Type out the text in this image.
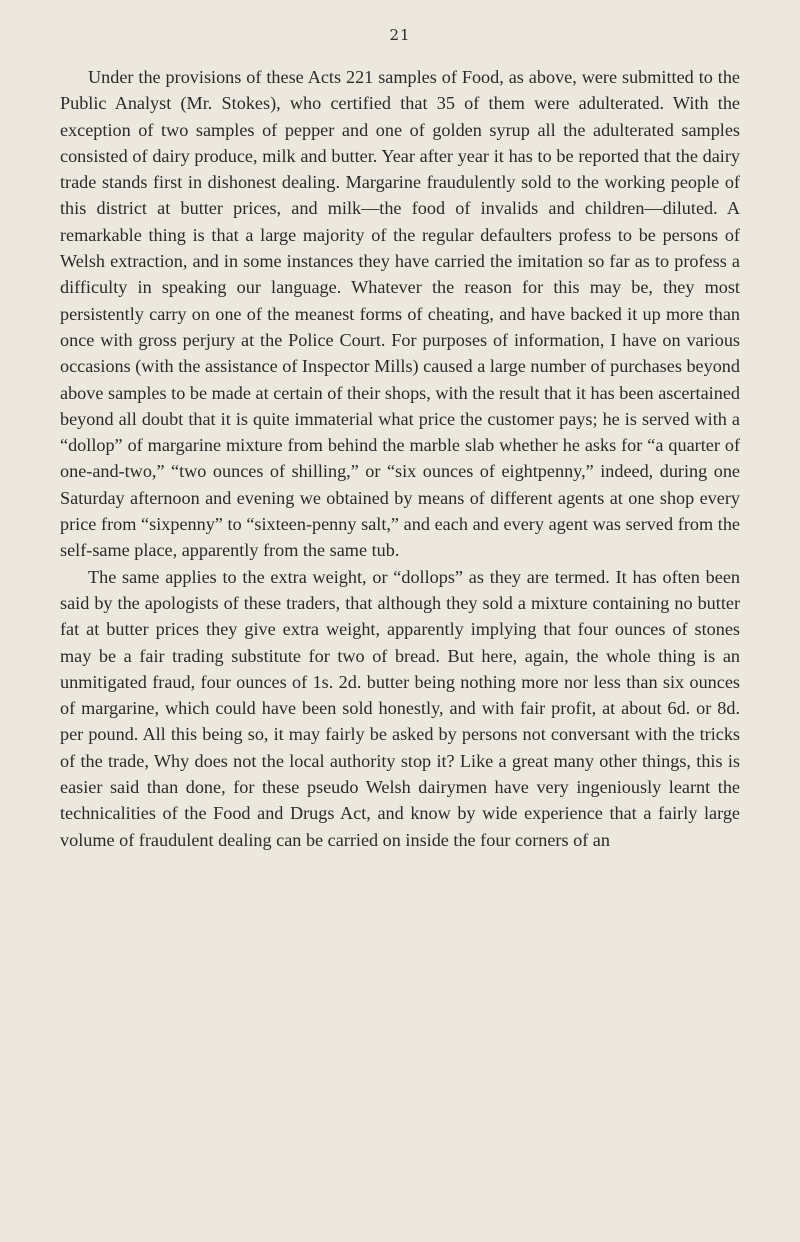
21

Under the provisions of these Acts 221 samples of Food, as above, were submitted to the Public Analyst (Mr. Stokes), who certified that 35 of them were adulterated. With the exception of two samples of pepper and one of golden syrup all the adulterated samples consisted of dairy produce, milk and butter. Year after year it has to be reported that the dairy trade stands first in dishonest dealing. Margarine fraudulently sold to the working people of this district at butter prices, and milk—the food of invalids and children—diluted. A remarkable thing is that a large majority of the regular defaulters profess to be persons of Welsh extraction, and in some instances they have carried the imitation so far as to profess a difficulty in speaking our language. Whatever the reason for this may be, they most persistently carry on one of the meanest forms of cheating, and have backed it up more than once with gross perjury at the Police Court. For purposes of information, I have on various occasions (with the assistance of Inspector Mills) caused a large number of purchases beyond above samples to be made at certain of their shops, with the result that it has been ascertained beyond all doubt that it is quite immaterial what price the customer pays; he is served with a “dollop” of margarine mixture from behind the marble slab whether he asks for “a quarter of one-and-two,” “two ounces of shilling,” or “six ounces of eightpenny,” indeed, during one Saturday afternoon and evening we obtained by means of different agents at one shop every price from “sixpenny” to “sixteen-penny salt,” and each and every agent was served from the self-same place, apparently from the same tub.

The same applies to the extra weight, or “dollops” as they are termed. It has often been said by the apologists of these traders, that although they sold a mixture containing no butter fat at butter prices they give extra weight, apparently implying that four ounces of stones may be a fair trading substitute for two of bread. But here, again, the whole thing is an unmitigated fraud, four ounces of 1s. 2d. butter being nothing more nor less than six ounces of margarine, which could have been sold honestly, and with fair profit, at about 6d. or 8d. per pound. All this being so, it may fairly be asked by persons not conversant with the tricks of the trade, Why does not the local authority stop it? Like a great many other things, this is easier said than done, for these pseudo Welsh dairymen have very ingeniously learnt the technicalities of the Food and Drugs Act, and know by wide experience that a fairly large volume of fraudulent dealing can be carried on inside the four corners of an
